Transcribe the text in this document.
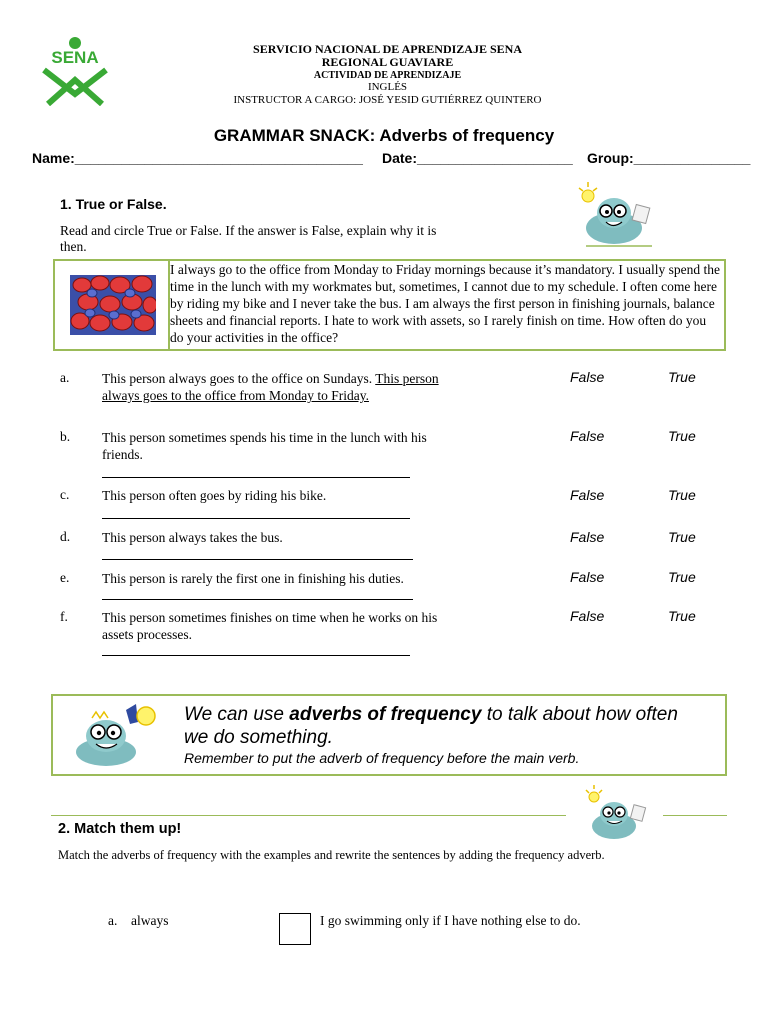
SENA	SERVICIO NACIONAL DE APRENDIZAJE SENA
REGIONAL GUAVIARE
ACTIVIDAD DE APRENDIZAJE
INGLÉS
INSTRUCTOR A CARGO: JOSÉ YESID GUTIÉRREZ QUINTERO
GRAMMAR SNACK: Adverbs of frequency
Name:_____________________________________ Date:____________________ Group:_______________
1. True or False.
Read and circle True or False. If the answer is False, explain why it is then.
I always go to the office from Monday to Friday mornings because it’s mandatory. I usually spend the time in the lunch with my workmates but, sometimes, I cannot due to my schedule. I often come here by riding my bike and I never take the bus. I am always the first person in finishing journals, balance sheets and financial reports. I hate to work with assets, so I rarely finish on time. How often do you do your activities in the office?
a. This person always goes to the office on Sundays. This person always goes to the office from Monday to Friday.
False	True
b. This person sometimes spends his time in the lunch with his friends.
False	True
c. This person often goes by riding his bike.	False	True
d. This person always takes the bus.	False	True
e. This person is rarely the first one in finishing his duties.	False	True
f.	This person sometimes finishes on time when he works on his assets processes.
False	True
We can use adverbs of frequency to talk about how often
we do something.
Remember to put the adverb of frequency before the main verb.
2. Match them up!
Match the adverbs of frequency with the examples and rewrite the sentences by adding the frequency adverb.
a. always	I go swimming only if I have nothing else to do.
